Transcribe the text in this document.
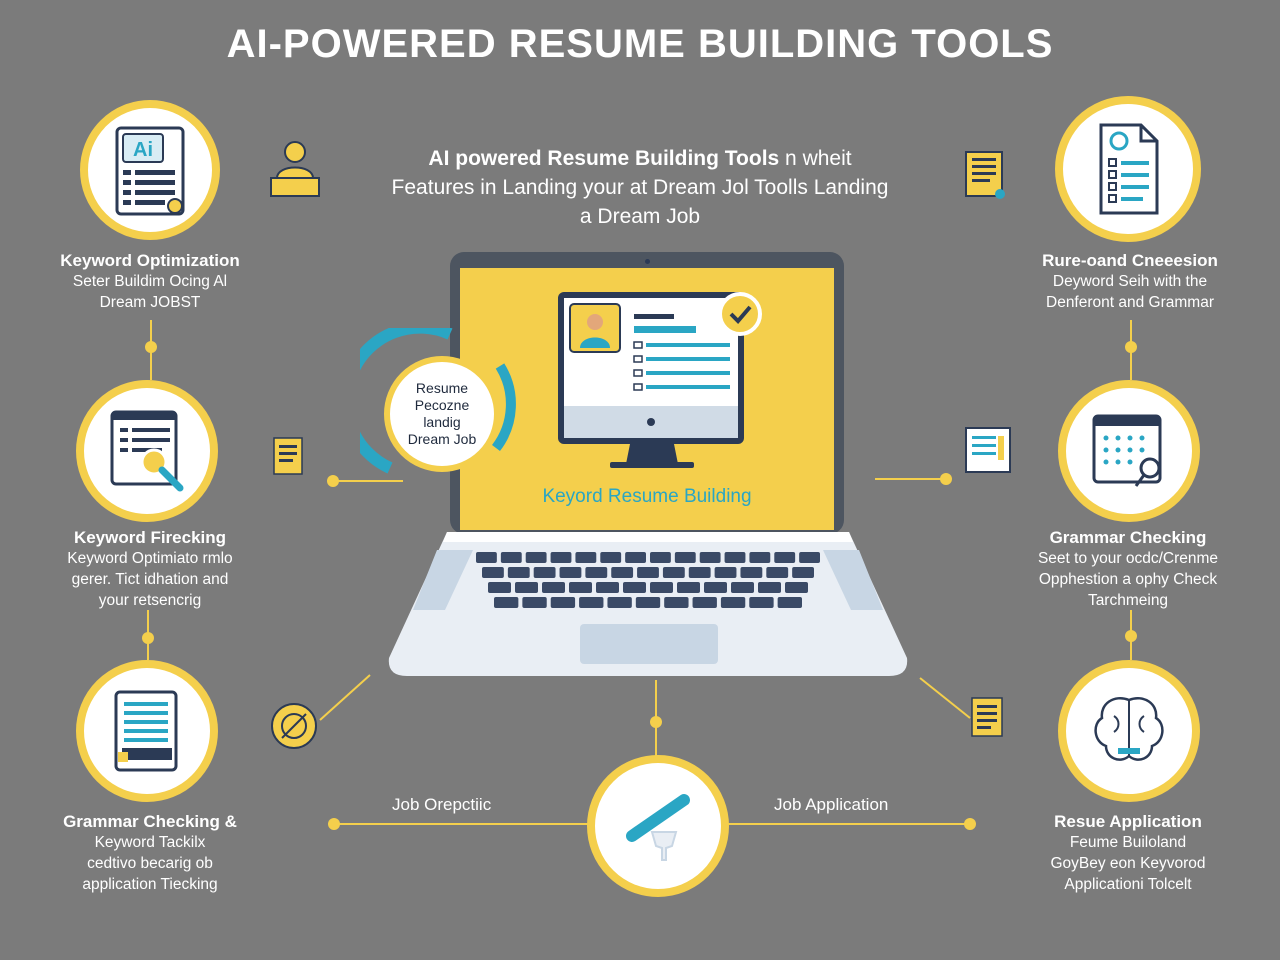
AI-POWERED RESUME BUILDING TOOLS
AI powered Resume Building Tools n wheit
Features in Landing your at Dream Jol Toolls Landing
a Dream Job
Ai
Keyword Optimization
Seter Buildim Ocing Al
Dream JOBST
Keyword Firecking
Keyword Optimiato rmlo
gerer. Tict idhation and
your retsencrig
Grammar Checking &
Keyword Tackilx
cedtivo becarig ob
application Tiecking
Rure-oand Cneeesion
Deyword Seih with the
Denferont and Grammar
Grammar Checking
Seet to your ocdc/Crenme
Opphestion a ophy Check
Tarchmeing
Resue Application
Feume Builoland
GoyBey eon Keyvorod
Applicationi Tolcelt
Keyord Resume Building
Resume
Pecozne
landig
Dream Job
Job Orepctiic	Job Application
